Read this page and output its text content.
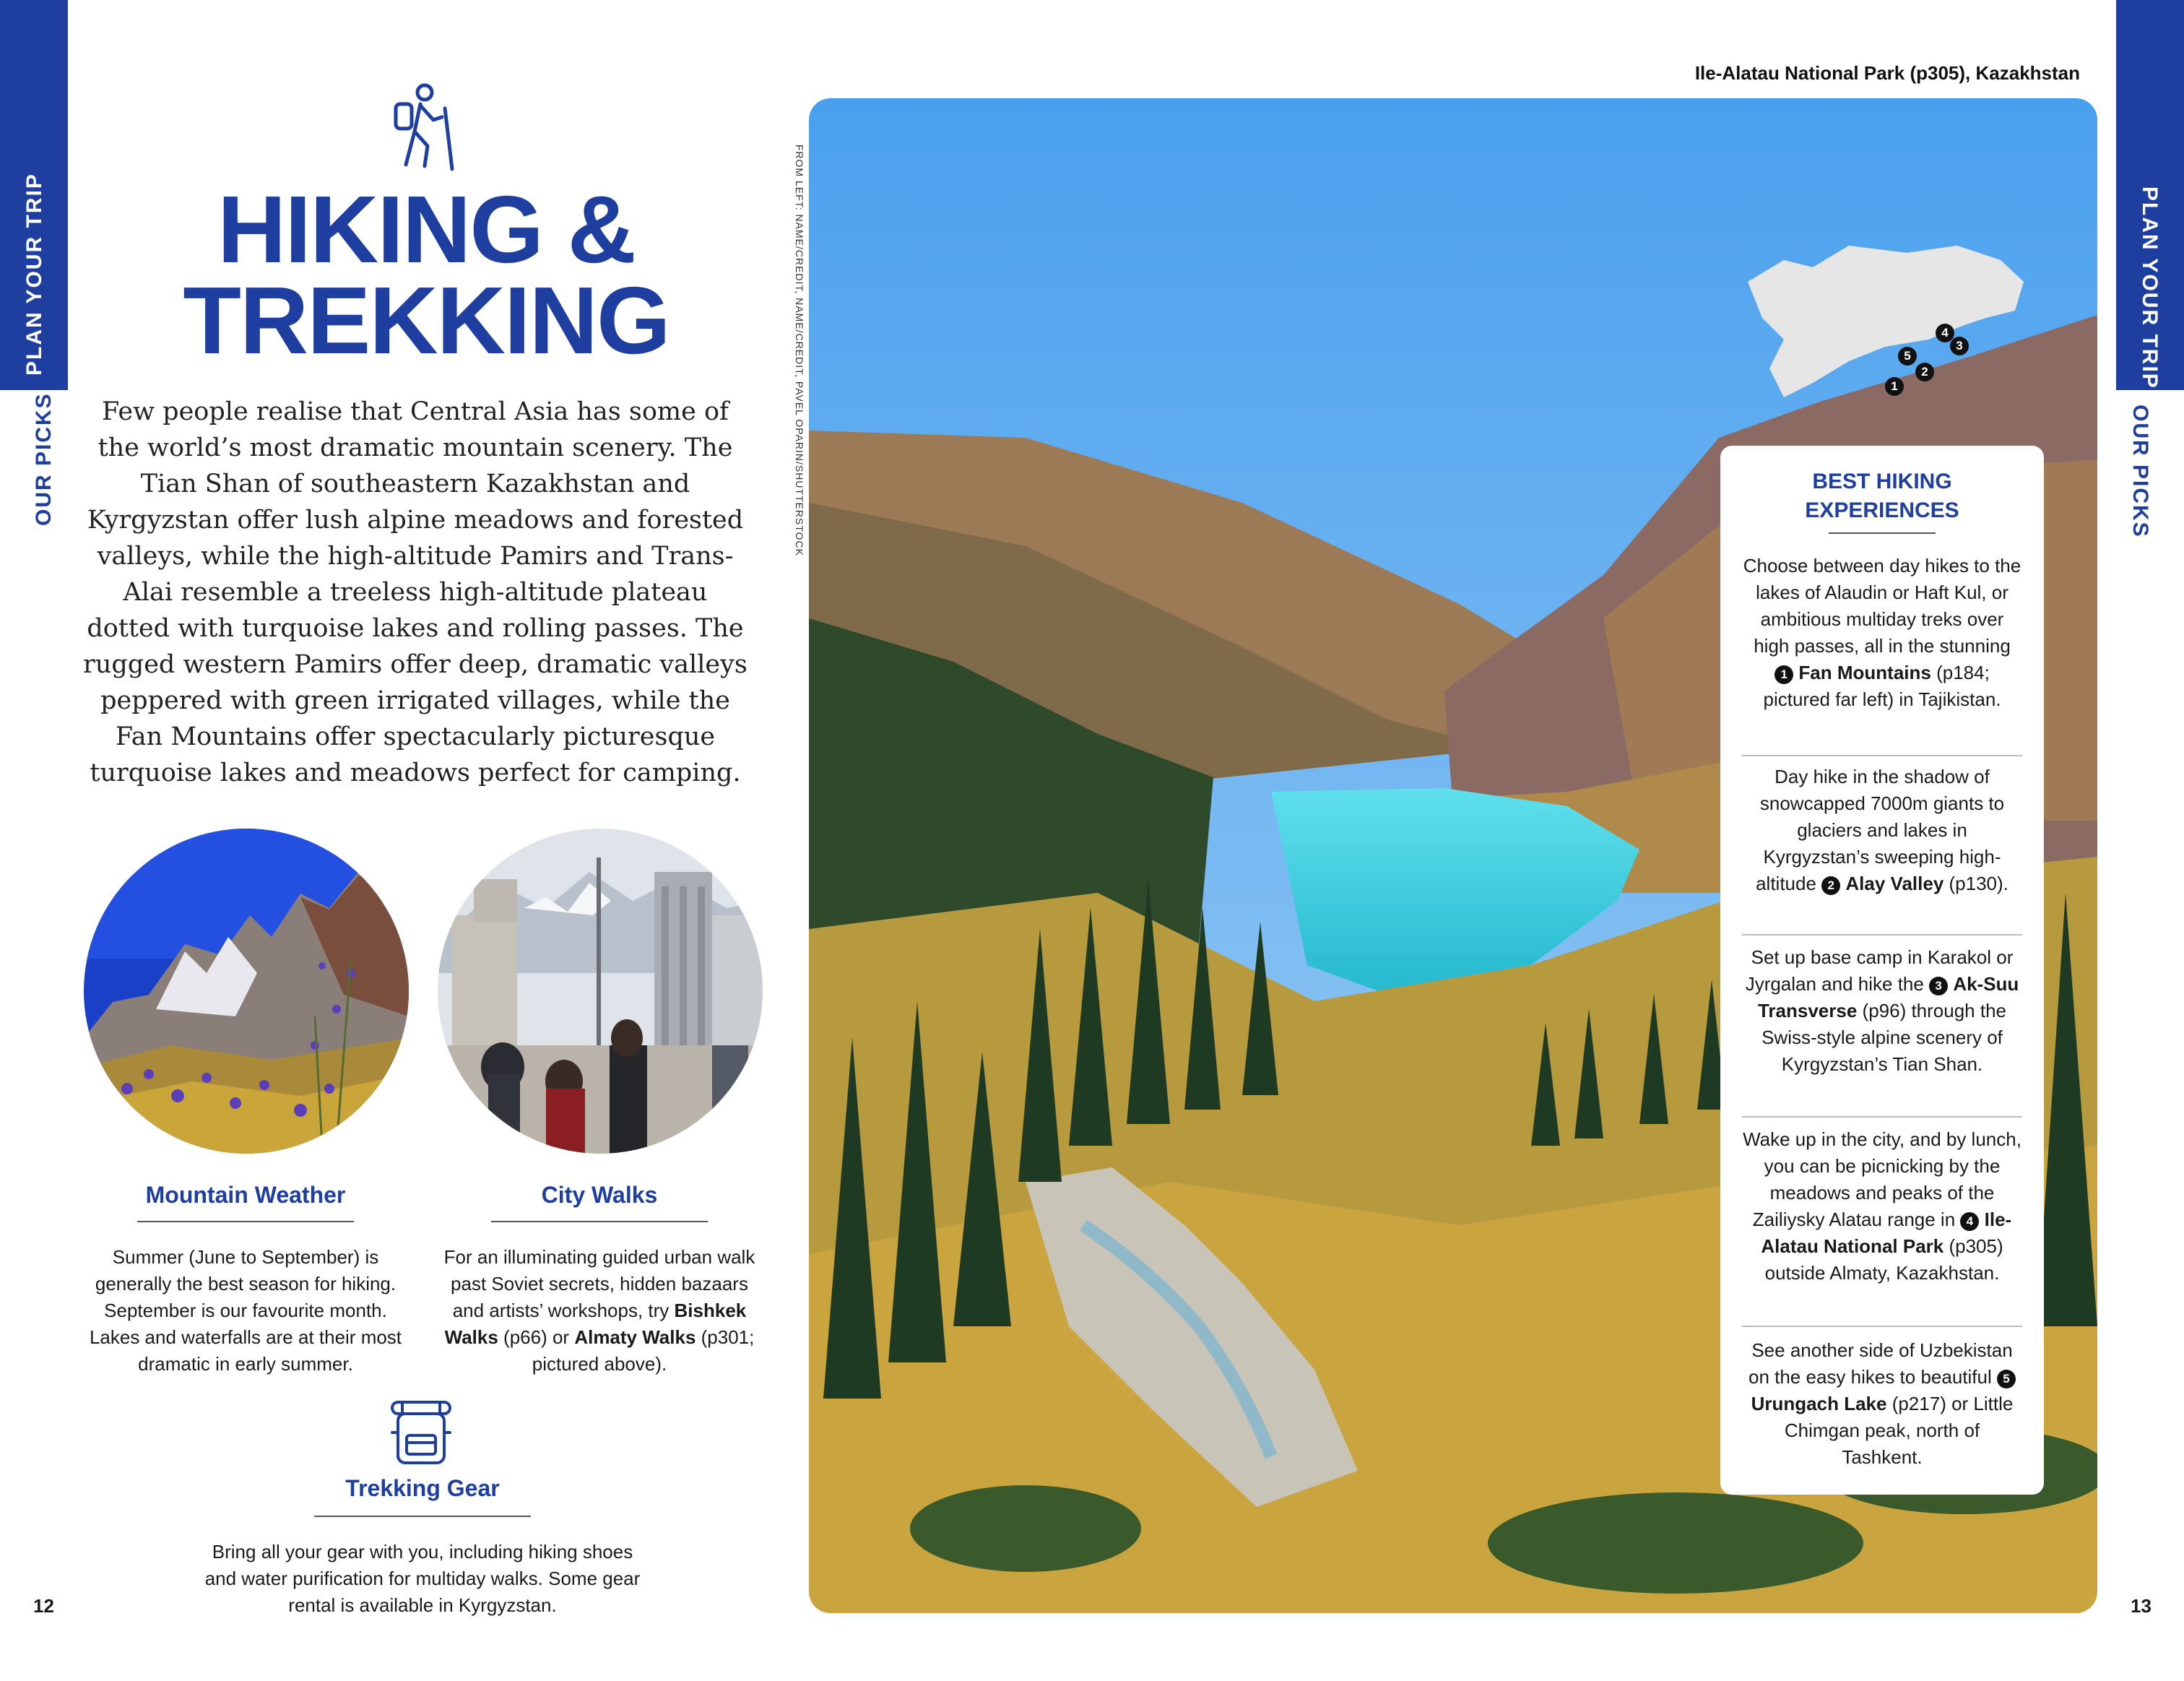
PLAN YOUR TRIP
OUR PICKS
PLAN YOUR TRIP
OUR PICKS
HIKING &
TREKKING

Few people realise that Central Asia has some of the world’s most dramatic mountain scenery. The Tian Shan of southeastern Kazakhstan and Kyrgyzstan offer lush alpine meadows and forested valleys, while the high-altitude Pamirs and Trans-Alai resemble a treeless high-altitude plateau dotted with turquoise lakes and rolling passes. The rugged western Pamirs offer deep, dramatic valleys peppered with green irrigated villages, while the Fan Mountains offer spectacularly picturesque turquoise lakes and meadows perfect for camping.

Mountain Weather

Summer (June to September) is generally the best season for hiking. September is our favourite month. Lakes and waterfalls are at their most dramatic in early summer.

City Walks

For an illuminating guided urban walk past Soviet secrets, hidden bazaars and artists’ workshops, try Bishkek Walks (p66) or Almaty Walks (p301; pictured above).

Trekking Gear

Bring all your gear with you, including hiking shoes and water purification for multiday walks. Some gear rental is available in Kyrgyzstan.

12	13
FROM LEFT: NAME/CREDIT, NAME/CREDIT, PAVEL OPARIN/SHUTTERSTOCK
Ile-Alatau National Park (p305), Kazakhstan
1
2
3
4
5
BEST HIKING
EXPERIENCES

Choose between day hikes to the lakes of Alaudin or Haft Kul, or ambitious multiday treks over high passes, all in the stunning 1 Fan Mountains (p184; pictured far left) in Tajikistan.

Day hike in the shadow of snowcapped 7000m giants to glaciers and lakes in Kyrgyzstan’s sweeping high-altitude 2 Alay Valley (p130).

Set up base camp in Karakol or Jyrgalan and hike the 3 Ak-Suu Transverse (p96) through the Swiss-style alpine scenery of Kyrgyzstan’s Tian Shan.

Wake up in the city, and by lunch, you can be picnicking by the meadows and peaks of the Zailiysky Alatau range in 4 Ile-Alatau National Park (p305) outside Almaty, Kazakhstan.

See another side of Uzbekistan on the easy hikes to beautiful 5 Urungach Lake (p217) or Little Chimgan peak, north of Tashkent.
